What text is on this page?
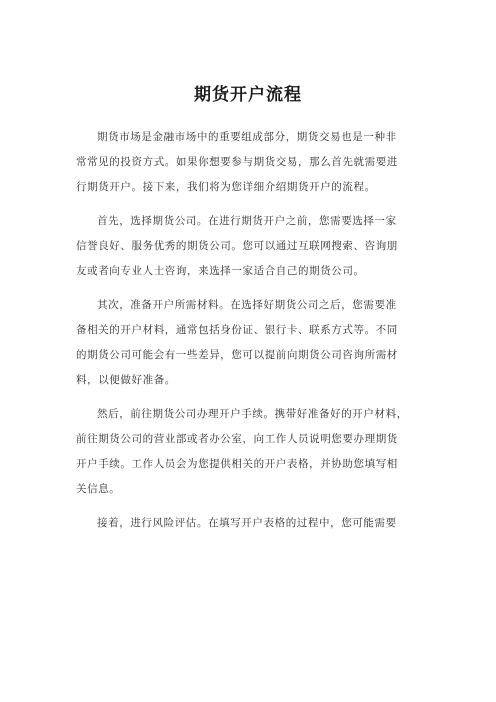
期货开户流程
期货市场是金融市场中的重要组成部分，期货交易也是一种非
常常见的投资方式。如果你想要参与期货交易，那么首先就需要进
行期货开户。接下来，我们将为您详细介绍期货开户的流程。
首先，选择期货公司。在进行期货开户之前，您需要选择一家
信誉良好、服务优秀的期货公司。您可以通过互联网搜索、咨询朋
友或者向专业人士咨询，来选择一家适合自己的期货公司。
其次，准备开户所需材料。在选择好期货公司之后，您需要准
备相关的开户材料，通常包括身份证、银行卡、联系方式等。不同
的期货公司可能会有一些差异，您可以提前向期货公司咨询所需材
料，以便做好准备。
然后，前往期货公司办理开户手续。携带好准备好的开户材料，
前往期货公司的营业部或者办公室，向工作人员说明您要办理期货
开户手续。工作人员会为您提供相关的开户表格，并协助您填写相
关信息。
接着，进行风险评估。在填写开户表格的过程中，您可能需要
